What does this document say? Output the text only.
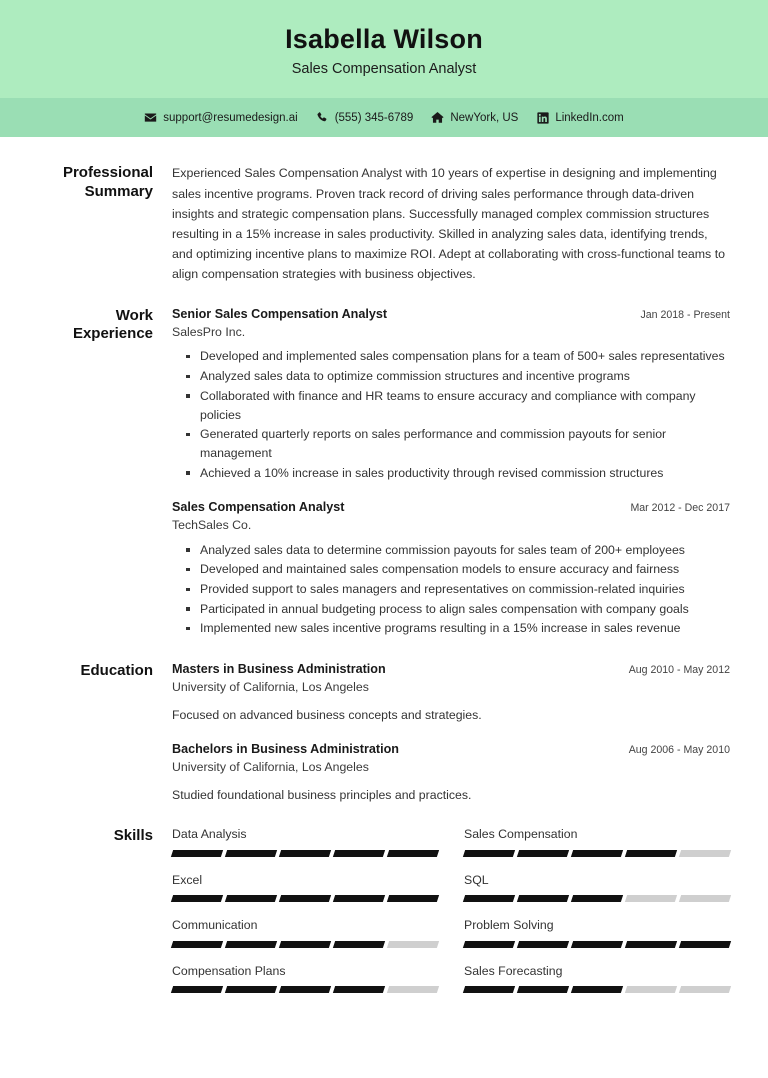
Isabella Wilson
Sales Compensation Analyst
support@resumedesign.ai	(555) 345-6789	NewYork, US	LinkedIn.com
Professional Summary
Experienced Sales Compensation Analyst with 10 years of expertise in designing and implementing sales incentive programs. Proven track record of driving sales performance through data-driven insights and strategic compensation plans. Successfully managed complex commission structures resulting in a 15% increase in sales productivity. Skilled in analyzing sales data, identifying trends, and optimizing incentive plans to maximize ROI. Adept at collaborating with cross-functional teams to align compensation strategies with business objectives.
Work Experience
Senior Sales Compensation Analyst	Jan 2018 - Present
SalesPro Inc.
Developed and implemented sales compensation plans for a team of 500+ sales representatives
Analyzed sales data to optimize commission structures and incentive programs
Collaborated with finance and HR teams to ensure accuracy and compliance with company policies
Generated quarterly reports on sales performance and commission payouts for senior management
Achieved a 10% increase in sales productivity through revised commission structures
Sales Compensation Analyst	Mar 2012 - Dec 2017
TechSales Co.
Analyzed sales data to determine commission payouts for sales team of 200+ employees
Developed and maintained sales compensation models to ensure accuracy and fairness
Provided support to sales managers and representatives on commission-related inquiries
Participated in annual budgeting process to align sales compensation with company goals
Implemented new sales incentive programs resulting in a 15% increase in sales revenue
Education	Masters in Business Administration	Aug 2010 - May 2012
University of California, Los Angeles
Focused on advanced business concepts and strategies.
Bachelors in Business Administration	Aug 2006 - May 2010
University of California, Los Angeles
Studied foundational business principles and practices.
Skills	Data Analysis	Sales Compensation
Excel	SQL
Communication	Problem Solving
Compensation Plans	Sales Forecasting
